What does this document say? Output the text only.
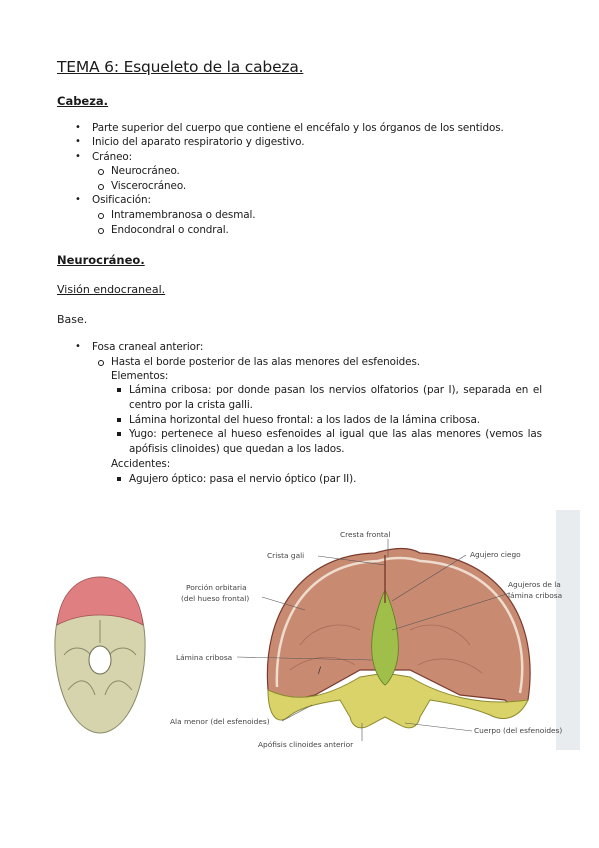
TEMA 6: Esqueleto de la cabeza.
Cabeza.
• Parte superior del cuerpo que contiene el encéfalo y los órganos de los sentidos.
• Inicio del aparato respiratorio y digestivo.
• Cráneo:
Neurocráneo.
Viscerocráneo.
• Osificación:
Intramembranosa o desmal.
Endocondral o condral.
Neurocráneo.
Visión endocraneal.
Base.
• Fosa craneal anterior:
Hasta el borde posterior de las alas menores del esfenoides.
Elementos:
Lámina cribosa: por donde pasan los nervios olfatorios (par I), separada en el centro por la crista galli.
Lámina horizontal del hueso frontal: a los lados de la lámina cribosa.
Yugo: pertenece al hueso esfenoides al igual que las alas menores (vemos las apófisis clinoides) que quedan a los lados.
Accidentes:
Agujero óptico: pasa el nervio óptico (par II).
/
Cresta frontal
Crista gali	Agujero ciego
Porción orbitaria
(del hueso frontal)
Agujeros de la
lámina cribosa
Lámina cribosa
Ala menor (del esfenoides)
Cuerpo (del esfenoides)
Apófisis clinoides anterior
